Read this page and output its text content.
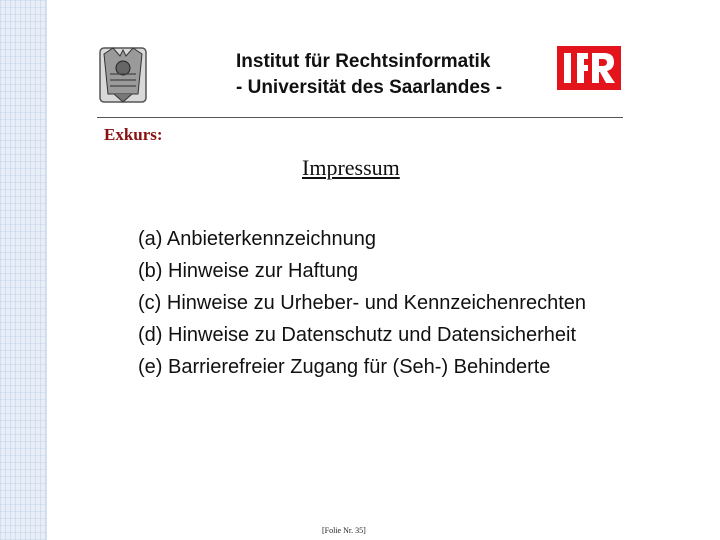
Institut für Rechtsinformatik
- Universität des Saarlandes -
Exkurs:
Impressum
(a) Anbieterkennzeichnung
(b) Hinweise zur Haftung
(c) Hinweise zu Urheber- und Kennzeichenrechten
(d) Hinweise zu Datenschutz und Datensicherheit
(e) Barrierefreier Zugang für (Seh-) Behinderte
[Folie Nr. 35]
